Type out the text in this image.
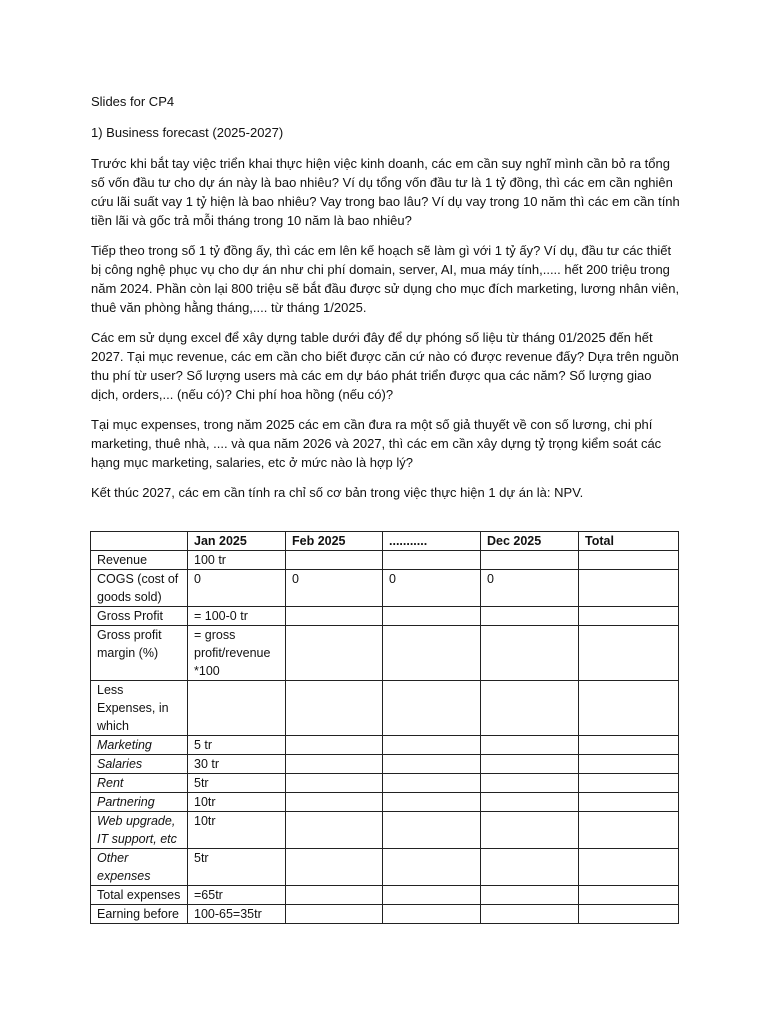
Slides for CP4

1) Business forecast (2025-2027)

Trước khi bắt tay việc triển khai thực hiện việc kinh doanh, các em cần suy nghĩ mình cần bỏ ra tổng số vốn đầu tư cho dự án này là bao nhiêu? Ví dụ tổng vốn đầu tư là 1 tỷ đồng, thì các em cần nghiên cứu lãi suất vay 1 tỷ hiện là bao nhiêu? Vay trong bao lâu? Ví dụ vay trong 10 năm thì các em cần tính tiền lãi và gốc trả mỗi tháng trong 10 năm là bao nhiêu?

Tiếp theo trong số 1 tỷ đồng ấy, thì các em lên kế hoạch sẽ làm gì với 1 tỷ ấy? Ví dụ, đầu tư các thiết bị công nghệ phục vụ cho dự án như chi phí domain, server, AI, mua máy tính,..... hết 200 triệu trong năm 2024. Phần còn lại 800 triệu sẽ bắt đầu được sử dụng cho mục đích marketing, lương nhân viên, thuê văn phòng hằng tháng,.... từ tháng 1/2025.

Các em sử dụng excel để xây dựng table dưới đây để dự phóng số liệu từ tháng 01/2025 đến hết 2027. Tại mục revenue, các em cần cho biết được căn cứ nào có được revenue đấy? Dựa trên nguồn thu phí từ user? Số lượng users mà các em dự báo phát triển được qua các năm? Số lượng giao dịch, orders,... (nếu có)? Chi phí hoa hồng (nếu có)?

Tại mục expenses, trong năm 2025 các em cần đưa ra một số giả thuyết về con số lương, chi phí marketing, thuê nhà, .... và qua năm 2026 và 2027, thì các em cần xây dựng tỷ trọng kiểm soát các hạng mục marketing, salaries, etc ở mức nào là hợp lý?

Kết thúc 2027, các em cần tính ra chỉ số cơ bản trong việc thực hiện 1 dự án là: NPV.

	Jan 2025	Feb 2025	...........	Dec 2025	Total
Revenue	100 tr				
COGS (cost of goods sold)	0	0	0	0	
Gross Profit	= 100-0 tr				
Gross profit margin (%)	= gross profit/revenue *100				
Less Expenses, in which					
Marketing	5 tr				
Salaries	30 tr				
Rent	5tr				
Partnering	10tr				
Web upgrade, IT support, etc	10tr				
Other expenses	5tr				
Total expenses	=65tr				
Earning before	100-65=35tr				
